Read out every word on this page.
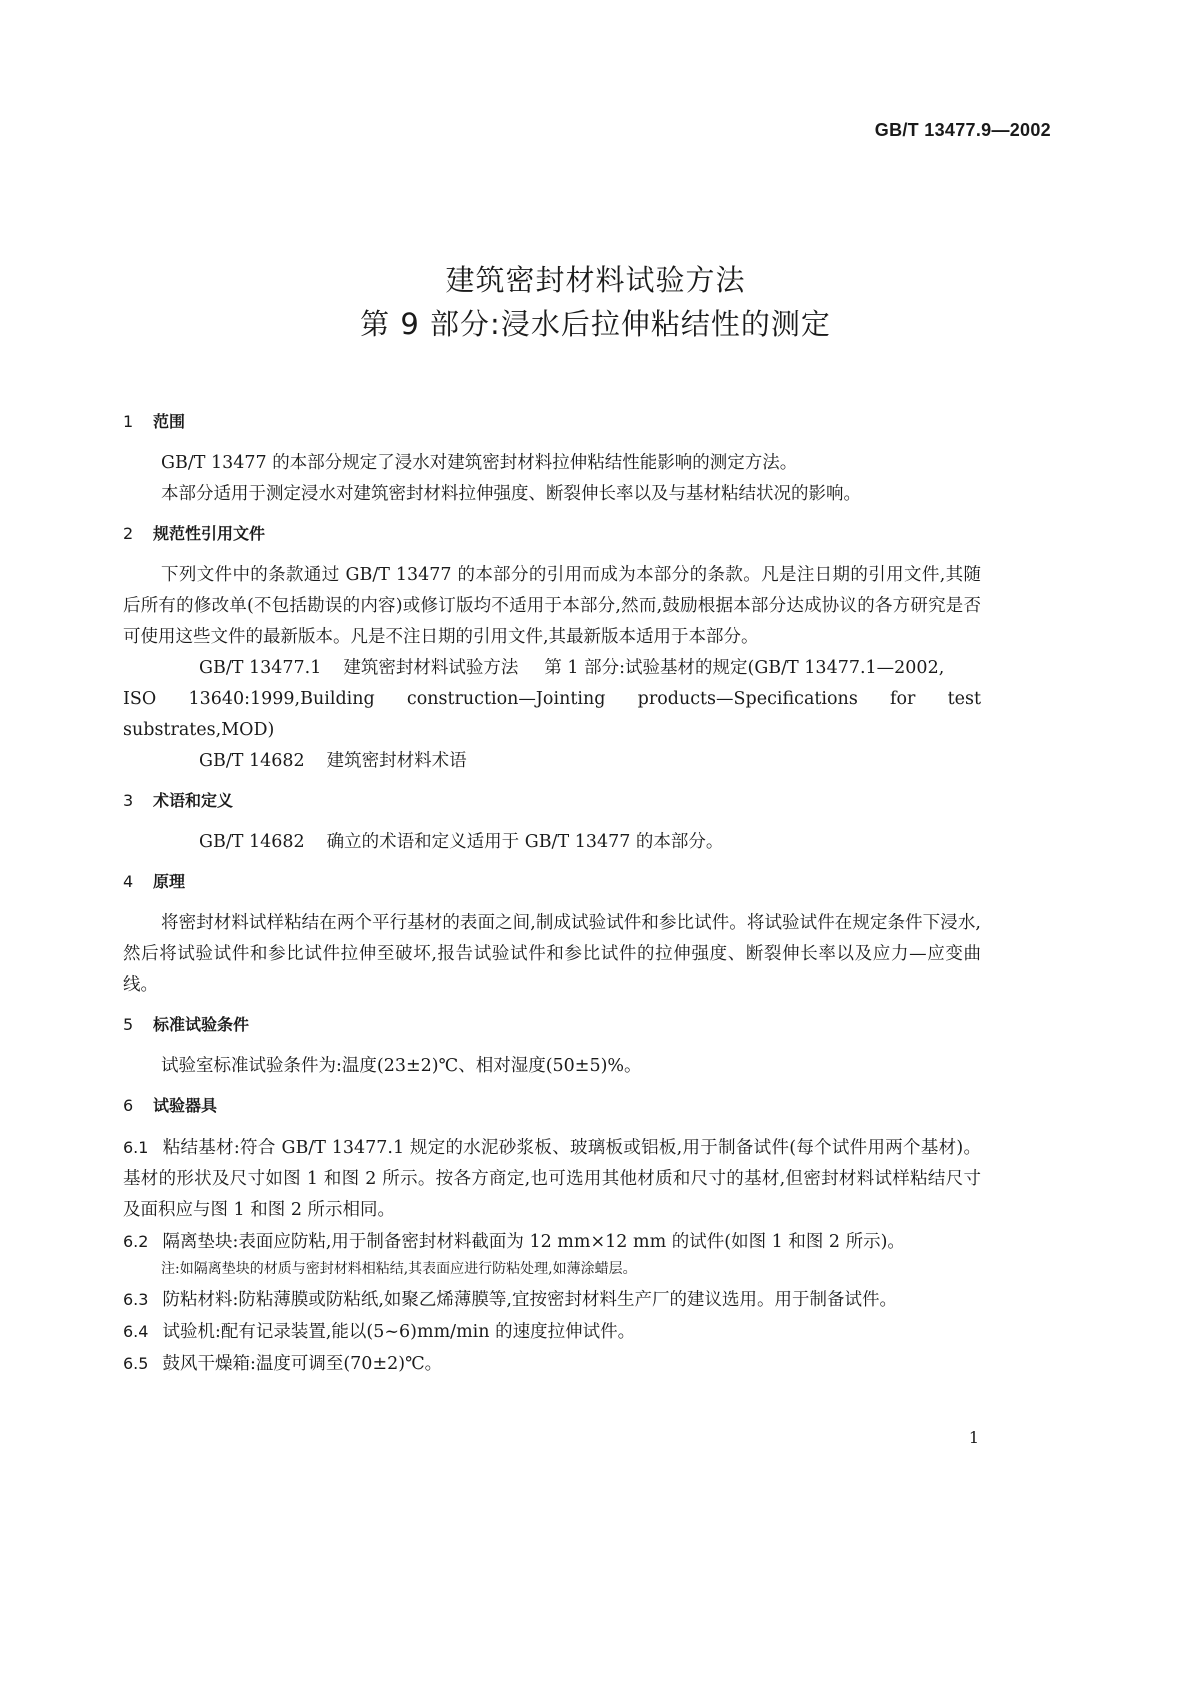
GB/T 13477.9—2002
建筑密封材料试验方法
第 9 部分:浸水后拉伸粘结性的测定
1 范围

GB/T 13477 的本部分规定了浸水对建筑密封材料拉伸粘结性能影响的测定方法。

本部分适用于测定浸水对建筑密封材料拉伸强度、断裂伸长率以及与基材粘结状况的影响。

2 规范性引用文件

下列文件中的条款通过 GB/T 13477 的本部分的引用而成为本部分的条款。凡是注日期的引用文件,其随后所有的修改单(不包括勘误的内容)或修订版均不适用于本部分,然而,鼓励根据本部分达成协议的各方研究是否可使用这些文件的最新版本。凡是不注日期的引用文件,其最新版本适用于本部分。

GB/T 13477.1 建筑密封材料试验方法 第 1 部分:试验基材的规定(GB/T 13477.1—2002,

ISO 13640:1999,Building construction—Jointing products—Specifications for test substrates,MOD)

GB/T 14682 建筑密封材料术语

3 术语和定义

GB/T 14682 确立的术语和定义适用于 GB/T 13477 的本部分。

4 原理

将密封材料试样粘结在两个平行基材的表面之间,制成试验试件和参比试件。将试验试件在规定条件下浸水,然后将试验试件和参比试件拉伸至破坏,报告试验试件和参比试件的拉伸强度、断裂伸长率以及应力—应变曲线。

5 标准试验条件

试验室标准试验条件为:温度(23±2)℃、相对湿度(50±5)%。

6 试验器具

6.1 粘结基材:符合 GB/T 13477.1 规定的水泥砂浆板、玻璃板或铝板,用于制备试件(每个试件用两个基材)。基材的形状及尺寸如图 1 和图 2 所示。按各方商定,也可选用其他材质和尺寸的基材,但密封材料试样粘结尺寸及面积应与图 1 和图 2 所示相同。

6.2 隔离垫块:表面应防粘,用于制备密封材料截面为 12 mm×12 mm 的试件(如图 1 和图 2 所示)。

注:如隔离垫块的材质与密封材料相粘结,其表面应进行防粘处理,如薄涂蜡层。

6.3 防粘材料:防粘薄膜或防粘纸,如聚乙烯薄膜等,宜按密封材料生产厂的建议选用。用于制备试件。

6.4 试验机:配有记录装置,能以(5~6)mm/min 的速度拉伸试件。

6.5 鼓风干燥箱:温度可调至(70±2)℃。

1
